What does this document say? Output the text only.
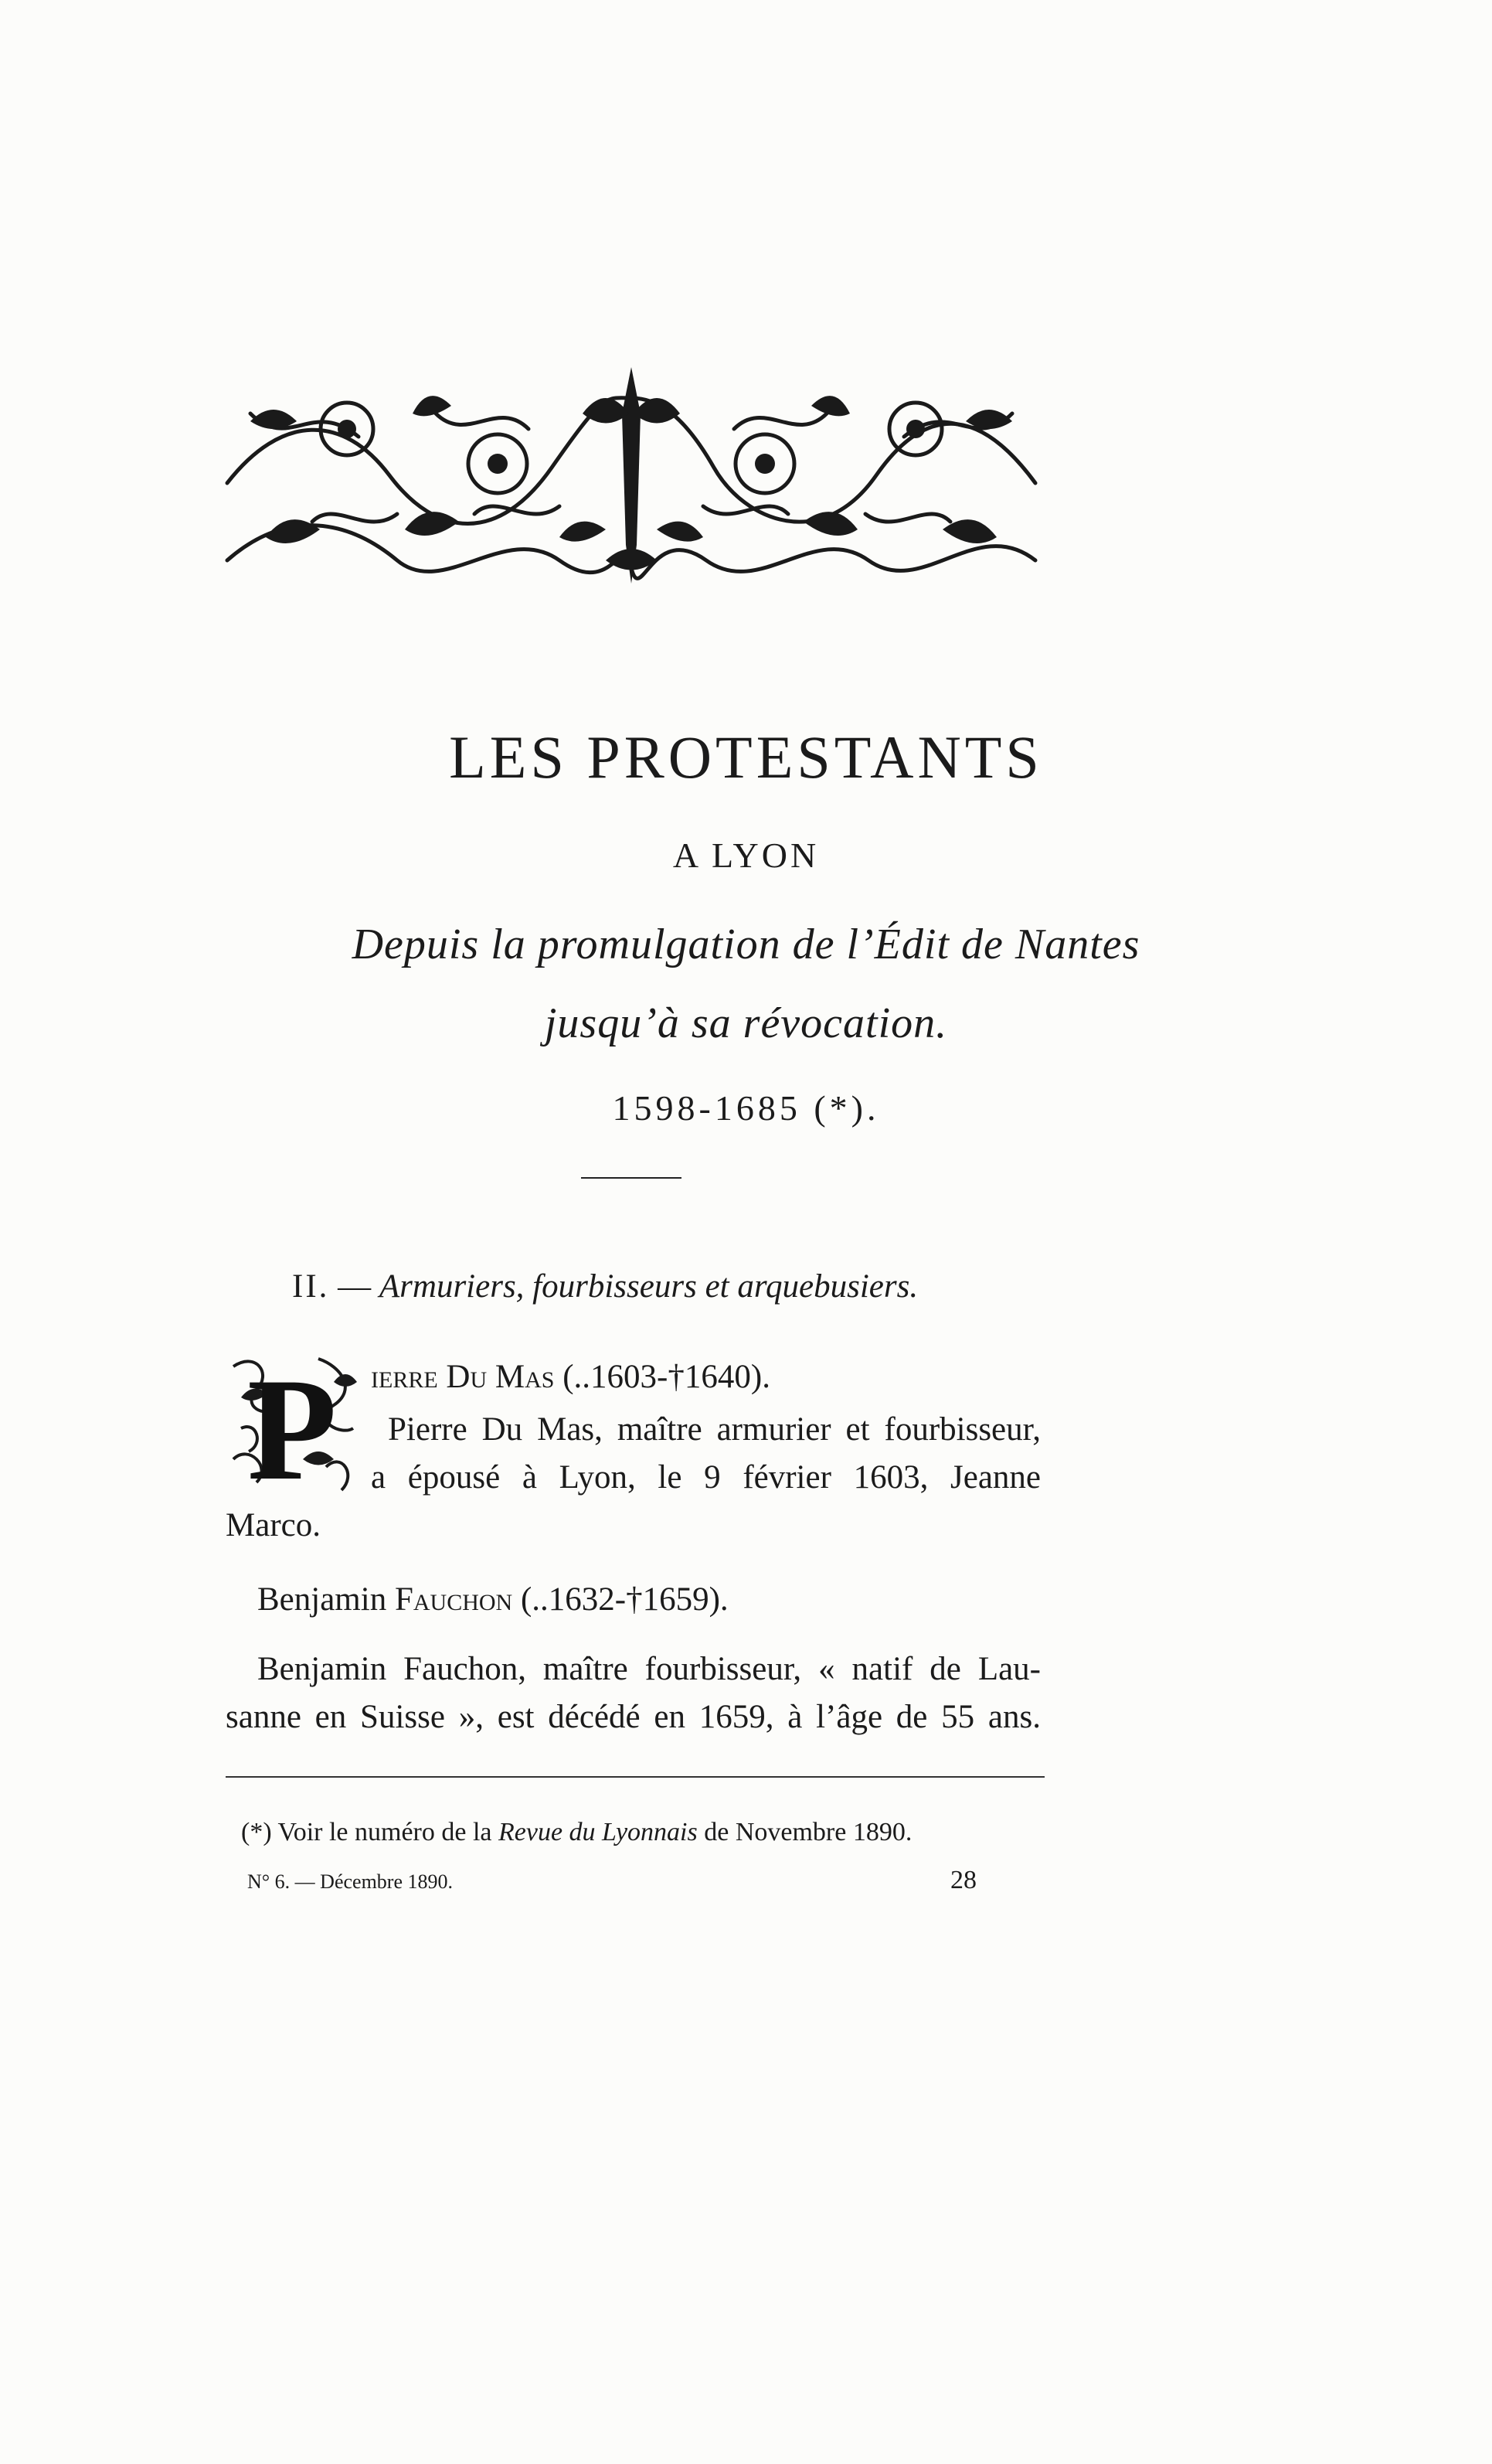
LES PROTESTANTS
A LYON
Depuis la promulgation de l’Édit de Nantes
jusqu’à sa révocation.
1598-1685 (*).
II. — Armuriers, fourbisseurs et arquebusiers.
P ierre Du Mas (..1603-†1640).
Pierre Du Mas, maître armurier et fourbisseur,
a épousé à Lyon, le 9 février 1603, Jeanne
Marco.
Benjamin Fauchon (..1632-†1659).
Benjamin Fauchon, maître fourbisseur, « natif de Lau-
sanne en Suisse », est décédé en 1659, à l’âge de 55 ans.
(*) Voir le numéro de la Revue du Lyonnais de Novembre 1890.
N° 6. — Décembre 1890.	28
